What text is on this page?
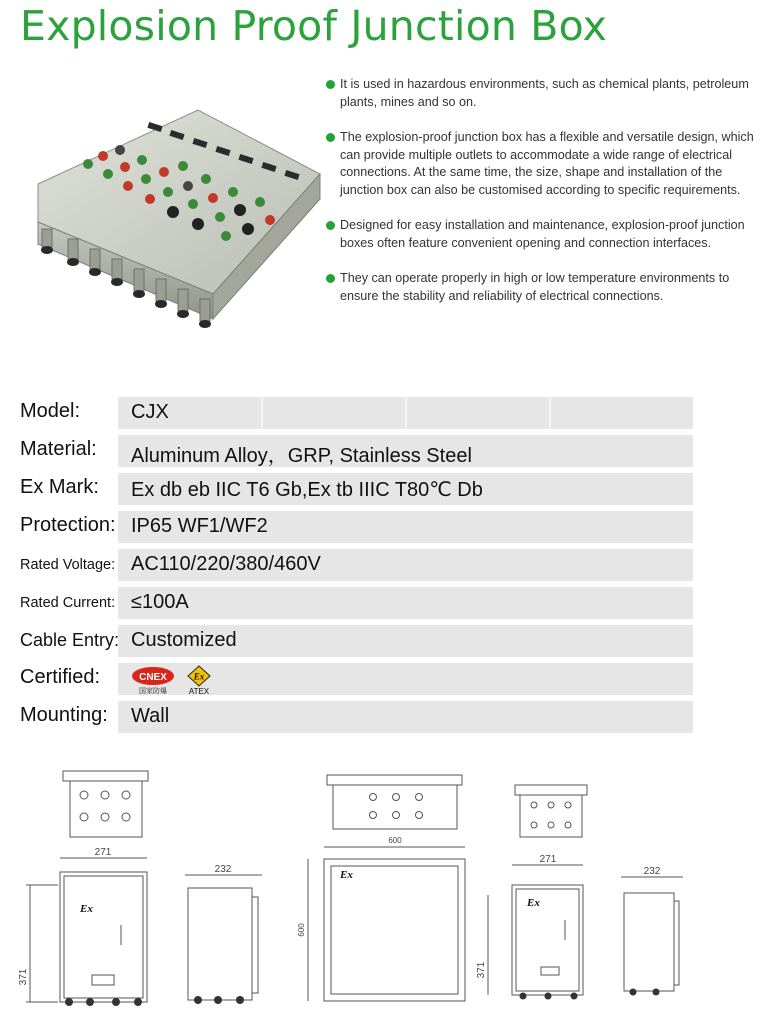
Explosion Proof Junction Box
It is used in hazardous environments, such as chemical plants, petroleum plants, mines and so on.
The explosion-proof junction box has a flexible and versatile design, which can provide multiple outlets to accommodate a wide range of electrical connections. At the same time, the size, shape and installation of the junction box can also be customised according to specific requirements.
Designed for easy installation and maintenance, explosion-proof junction boxes often feature convenient opening and connection interfaces.
They can operate properly in high or low temperature environments to ensure the stability and reliability of electrical connections.
Model:	CJX
Material: Aluminum Alloy，GRP, Stainless Steel
Ex Mark: Ex db eb IIC T6 Gb,Ex tb IIIC T80℃ Db
Protection: IP65 WF1/WF2
Rated Voltage: AC110/220/380/460V
Rated Current: ≤100A
Cable Entry: Customized
Certified:	CNEX
国家防爆
Ex
ATEX
Mounting: Wall
271
371
232
600
600
271
371
232
Ex
Ex
Ex
